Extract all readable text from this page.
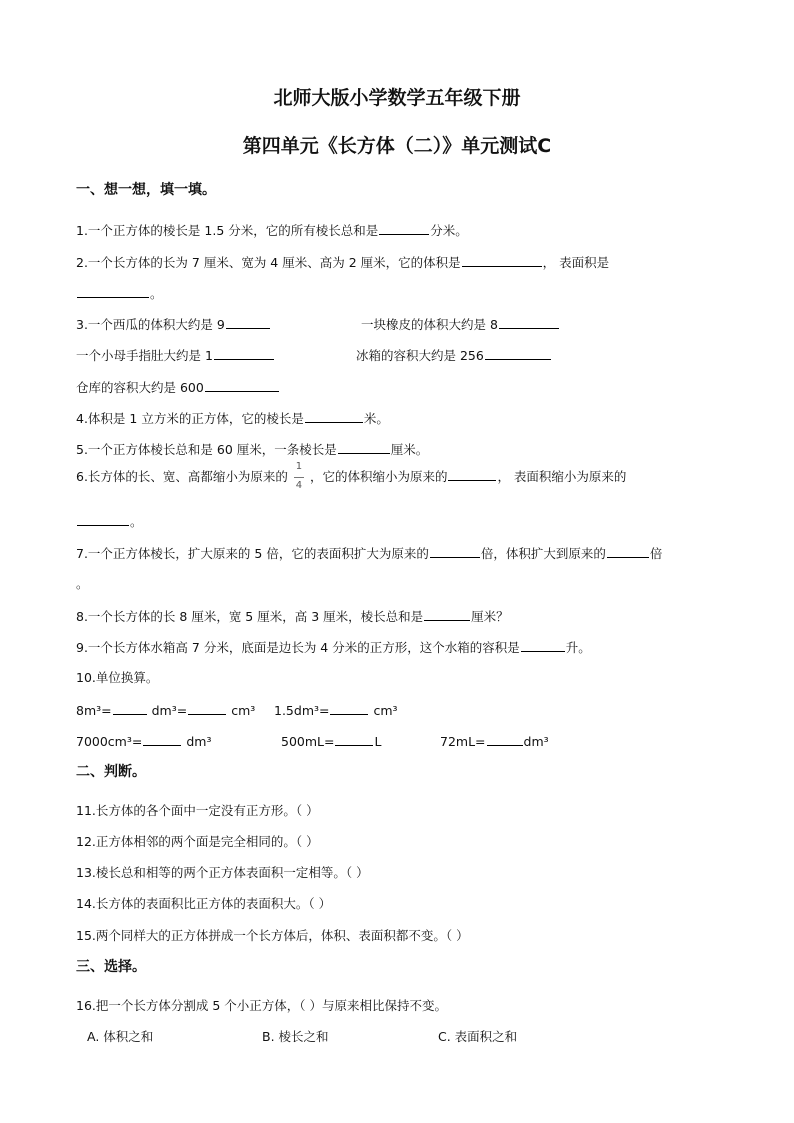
北师大版小学数学五年级下册
第四单元《长方体（二）》单元测试C
一、想一想，填一填。
1.一个正方体的棱长是 1.5 分米，它的所有棱长总和是	分米。
2.一个长方体的长为 7 厘米、宽为 4 厘米、高为 2 厘米，它的体积是	， 表面积是
。
3.一个西瓜的体积大约是 9	一块橡皮的体积大约是 8
一个小母手指肚大约是 1	冰箱的容积大约是 256
仓库的容积大约是 600
4.体积是 1 立方米的正方体，它的棱长是	米。
5.一个正方体棱长总和是 60 厘米，一条棱长是	厘米。
6.长方体的长、宽、高都缩小为原来的 $\frac{1}{4}$ ，它的体积缩小为原来的	， 表面积缩小为原来的
。
7.一个正方体棱长，扩大原来的 5 倍，它的表面积扩大为原来的	倍，体积扩大到原来的	倍
。
8.一个长方体的长 8 厘米，宽 5 厘米，高 3 厘米，棱长总和是	厘米？
9.一个长方体水箱高 7 分米，底面是边长为 4 分米的正方形，这个水箱的容积是	升。
10.单位换算。
8m³=	dm³=	cm³ 1.5dm³=	cm³
7000cm³=	dm³	500mL=	L	72mL=	dm³
二、判断。
11.长方体的各个面中一定没有正方形。（ ）
12.正方体相邻的两个面是完全相同的。（ ）
13.棱长总和相等的两个正方体表面积一定相等。（ ）
14.长方体的表面积比正方体的表面积大。（ ）
15.两个同样大的正方体拼成一个长方体后，体积、表面积都不变。（ ）
三、选择。
16.把一个长方体分割成 5 个小正方体，（ ）与原来相比保持不变。
A. 体积之和	B. 棱长之和	C. 表面积之和
